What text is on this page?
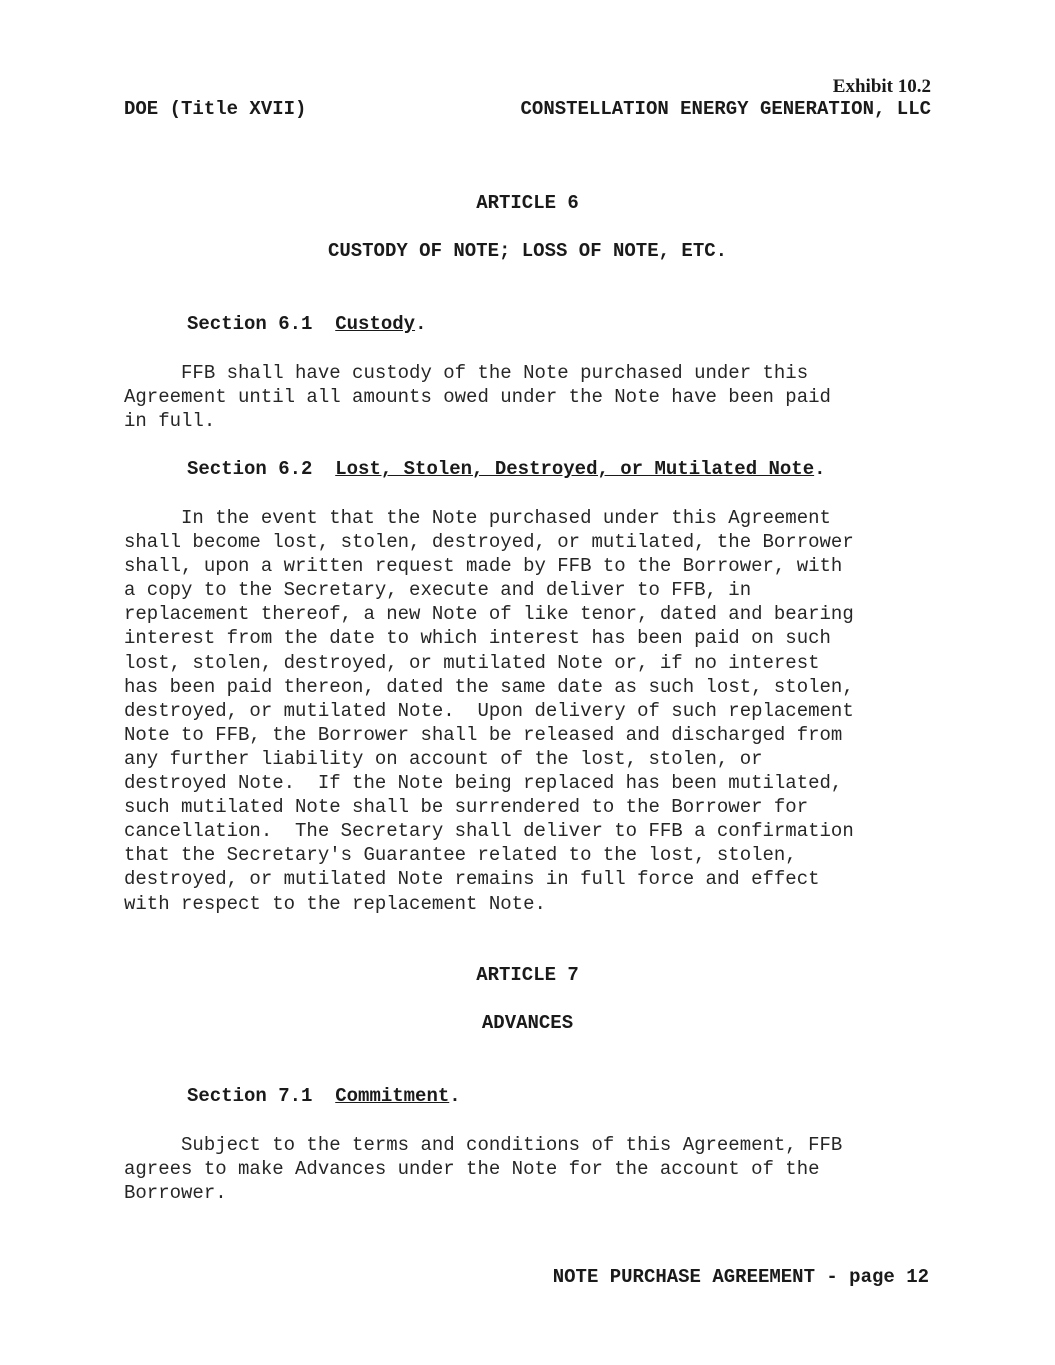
Exhibit 10.2
DOE (Title XVII)	CONSTELLATION ENERGY GENERATION, LLC
ARTICLE 6
CUSTODY OF NOTE; LOSS OF NOTE, ETC.
Section 6.1  Custody.
FFB shall have custody of the Note purchased under this
Agreement until all amounts owed under the Note have been paid
in full.
Section 6.2  Lost, Stolen, Destroyed, or Mutilated Note.
In the event that the Note purchased under this Agreement
shall become lost, stolen, destroyed, or mutilated, the Borrower
shall, upon a written request made by FFB to the Borrower, with
a copy to the Secretary, execute and deliver to FFB, in
replacement thereof, a new Note of like tenor, dated and bearing
interest from the date to which interest has been paid on such
lost, stolen, destroyed, or mutilated Note or, if no interest
has been paid thereon, dated the same date as such lost, stolen,
destroyed, or mutilated Note.  Upon delivery of such replacement
Note to FFB, the Borrower shall be released and discharged from
any further liability on account of the lost, stolen, or
destroyed Note.  If the Note being replaced has been mutilated,
such mutilated Note shall be surrendered to the Borrower for
cancellation.  The Secretary shall deliver to FFB a confirmation
that the Secretary's Guarantee related to the lost, stolen,
destroyed, or mutilated Note remains in full force and effect
with respect to the replacement Note.
ARTICLE 7
ADVANCES
Section 7.1  Commitment.
Subject to the terms and conditions of this Agreement, FFB
agrees to make Advances under the Note for the account of the
Borrower.
NOTE PURCHASE AGREEMENT - page 12
